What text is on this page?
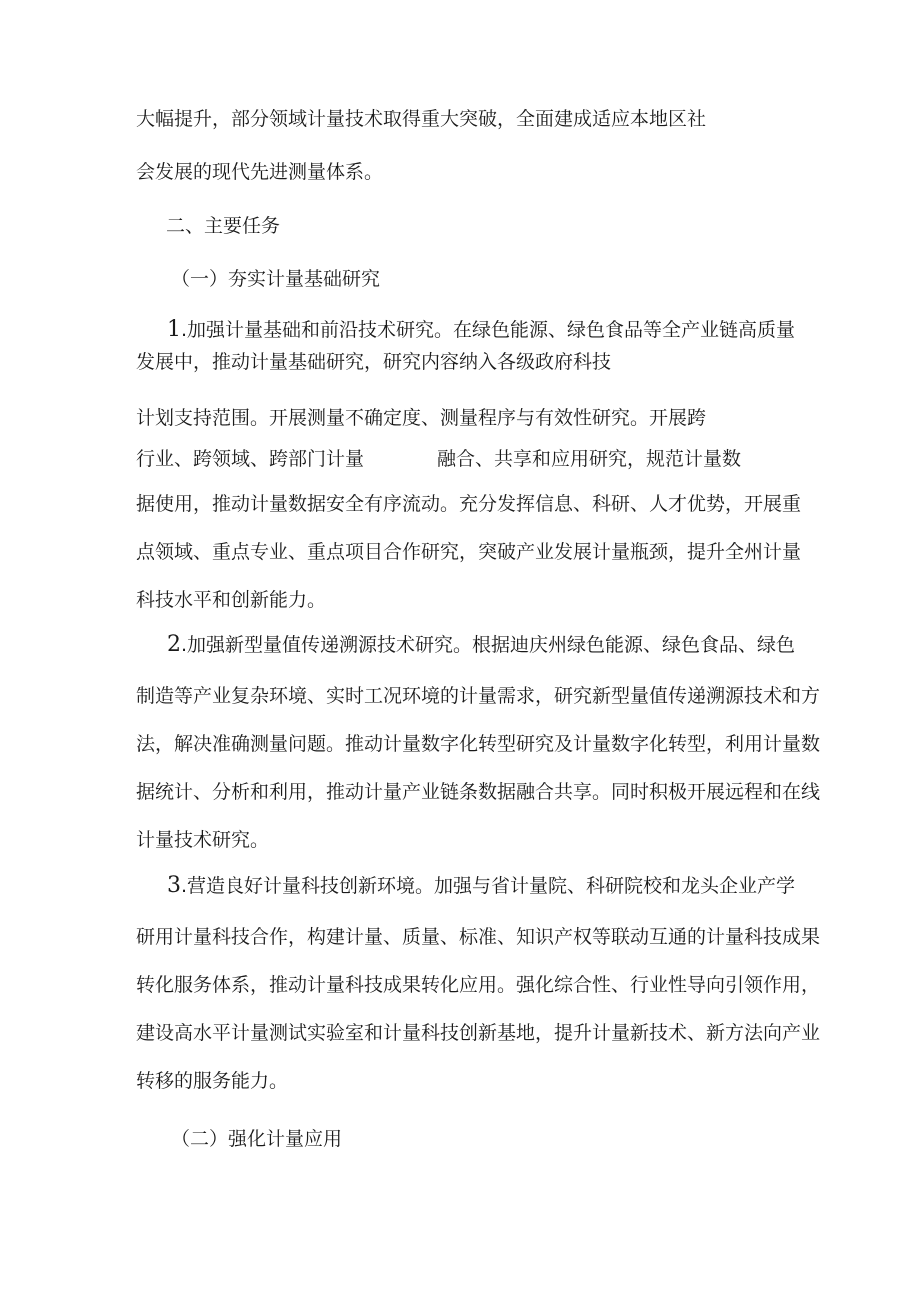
大幅提升，部分领域计量技术取得重大突破，全面建成适应本地区社
会发展的现代先进测量体系。
二、主要任务
（一）夯实计量基础研究
1.加强计量基础和前沿技术研究。在绿色能源、绿色食品等全产业链高质量
发展中，推动计量基础研究，研究内容纳入各级政府科技
计划支持范围。开展测量不确定度、测量程序与有效性研究。开展跨
行业、跨领域、跨部门计量	融合、共享和应用研究，规范计量数
据使用，推动计量数据安全有序流动。充分发挥信息、科研、人才优势，开展重
点领域、重点专业、重点项目合作研究，突破产业发展计量瓶颈，提升全州计量
科技水平和创新能力。
2.加强新型量值传递溯源技术研究。根据迪庆州绿色能源、绿色食品、绿色
制造等产业复杂环境、实时工况环境的计量需求，研究新型量值传递溯源技术和方
法，解决准确测量问题。推动计量数字化转型研究及计量数字化转型，利用计量数
据统计、分析和利用，推动计量产业链条数据融合共享。同时积极开展远程和在线
计量技术研究。
3.营造良好计量科技创新环境。加强与省计量院、科研院校和龙头企业产学
研用计量科技合作，构建计量、质量、标准、知识产权等联动互通的计量科技成果
转化服务体系，推动计量科技成果转化应用。强化综合性、行业性导向引领作用，
建设高水平计量测试实验室和计量科技创新基地，提升计量新技术、新方法向产业
转移的服务能力。
（二）强化计量应用
